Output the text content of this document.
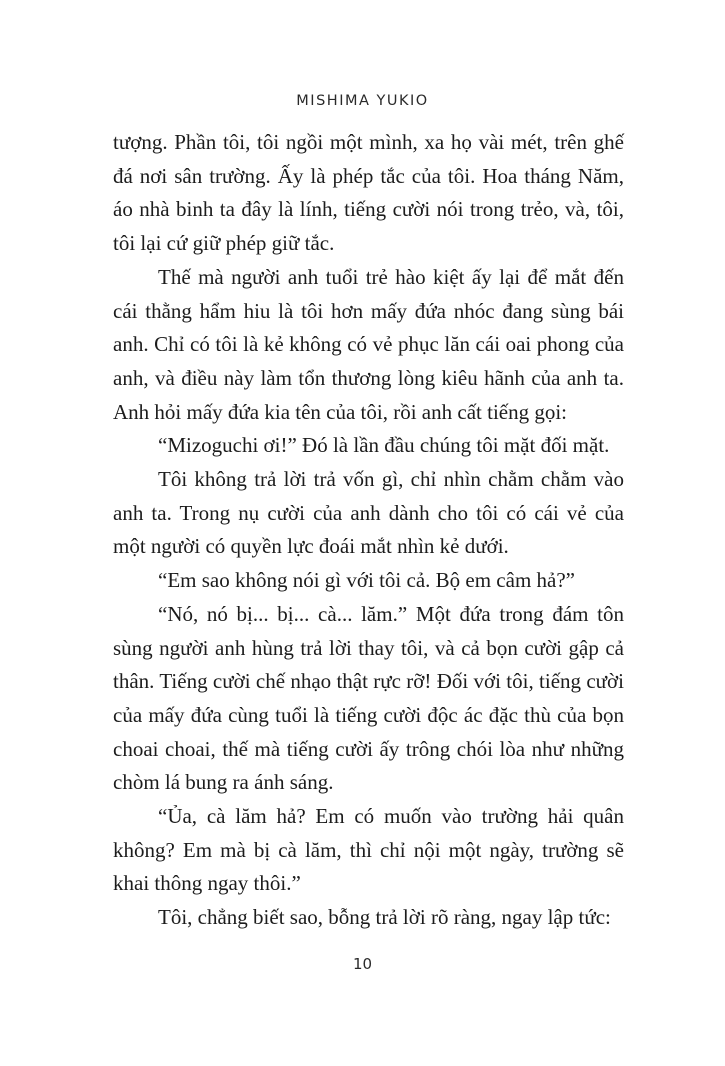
MISHIMA YUKIO

tượng. Phần tôi, tôi ngồi một mình, xa họ vài mét, trên ghế đá nơi sân trường. Ấy là phép tắc của tôi. Hoa tháng Năm, áo nhà binh ta đây là lính, tiếng cười nói trong trẻo, và, tôi, tôi lại cứ giữ phép giữ tắc.

Thế mà người anh tuổi trẻ hào kiệt ấy lại để mắt đến cái thằng hẩm hiu là tôi hơn mấy đứa nhóc đang sùng bái anh. Chỉ có tôi là kẻ không có vẻ phục lăn cái oai phong của anh, và điều này làm tổn thương lòng kiêu hãnh của anh ta. Anh hỏi mấy đứa kia tên của tôi, rồi anh cất tiếng gọi:

“Mizoguchi ơi!” Đó là lần đầu chúng tôi mặt đối mặt.

Tôi không trả lời trả vốn gì, chỉ nhìn chằm chằm vào anh ta. Trong nụ cười của anh dành cho tôi có cái vẻ của một người có quyền lực đoái mắt nhìn kẻ dưới.

“Em sao không nói gì với tôi cả. Bộ em câm hả?”

“Nó, nó bị... bị... cà... lăm.” Một đứa trong đám tôn sùng người anh hùng trả lời thay tôi, và cả bọn cười gập cả thân. Tiếng cười chế nhạo thật rực rỡ! Đối với tôi, tiếng cười của mấy đứa cùng tuổi là tiếng cười độc ác đặc thù của bọn choai choai, thế mà tiếng cười ấy trông chói lòa như những chòm lá bung ra ánh sáng.

“Ủa, cà lăm hả? Em có muốn vào trường hải quân không? Em mà bị cà lăm, thì chỉ nội một ngày, trường sẽ khai thông ngay thôi.”

Tôi, chẳng biết sao, bỗng trả lời rõ ràng, ngay lập tức:

10
